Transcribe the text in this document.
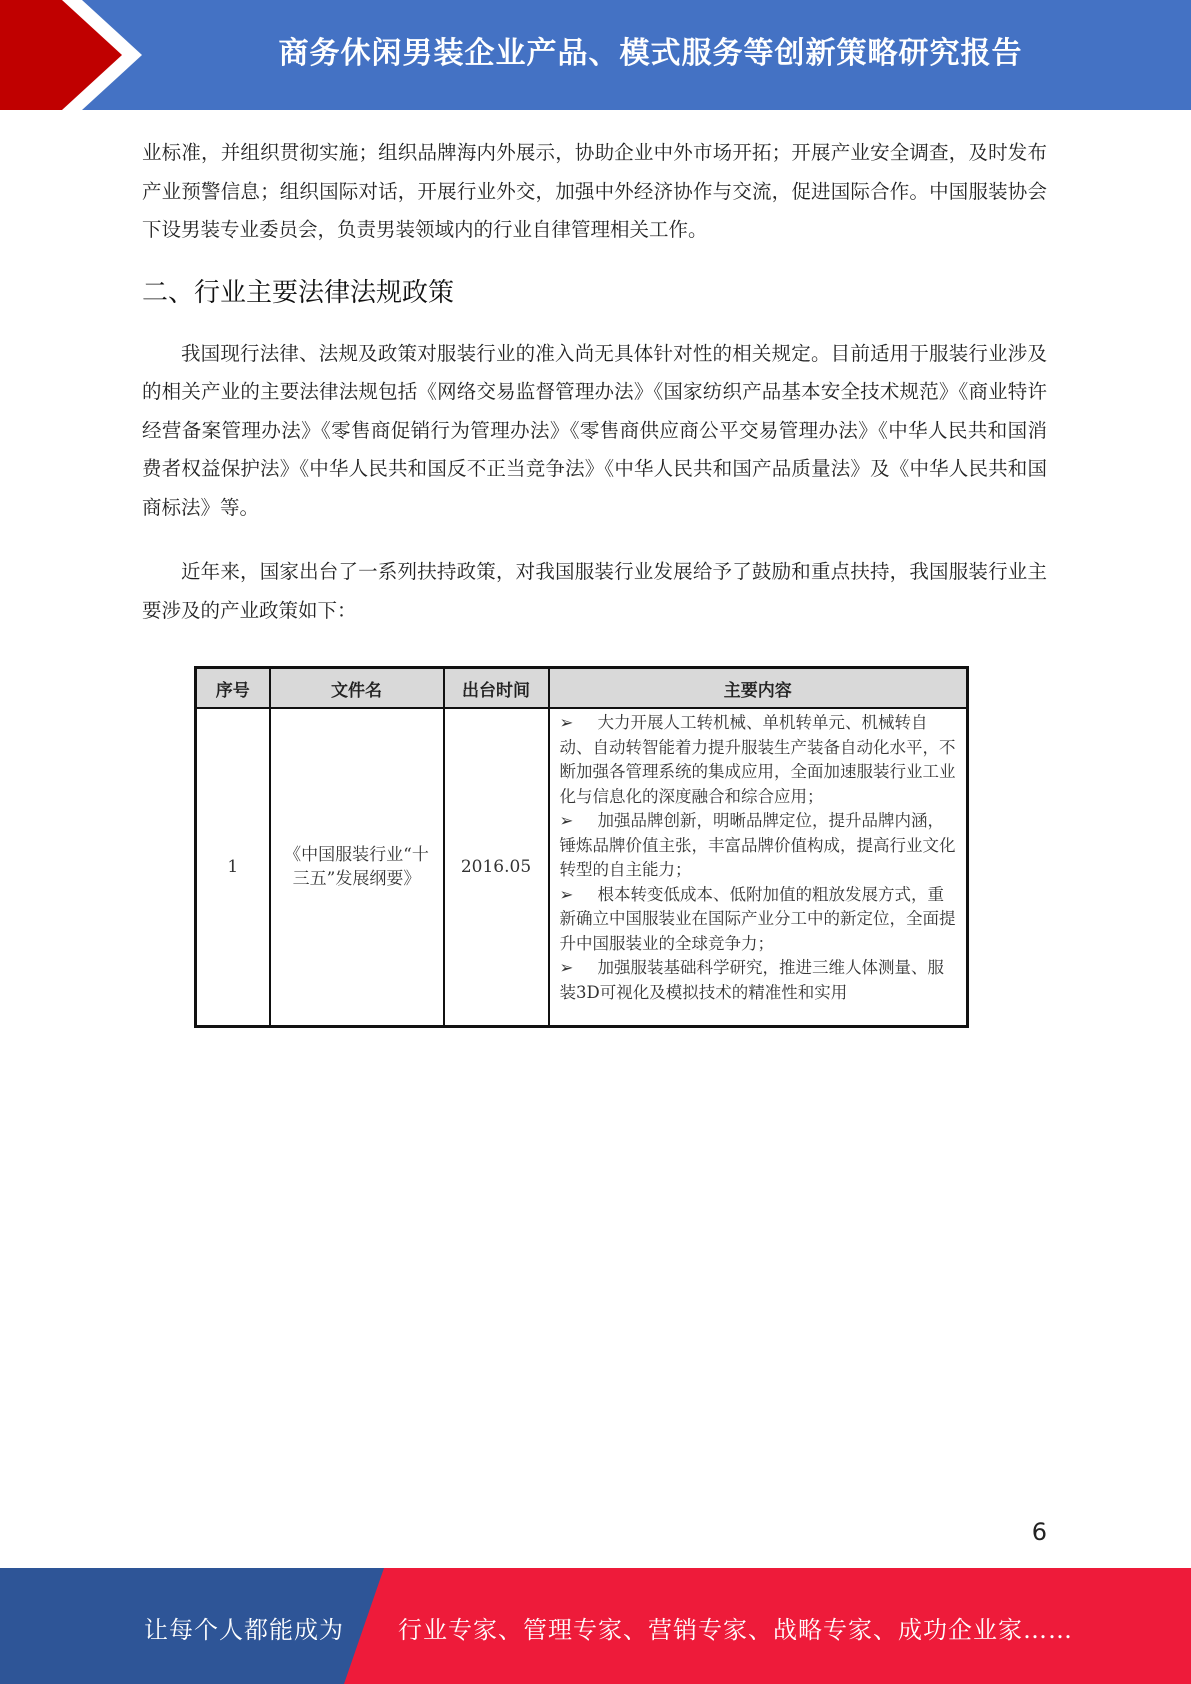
商务休闲男装企业产品、模式服务等创新策略研究报告

业标准，并组织贯彻实施；组织品牌海内外展示，协助企业中外市场开拓；开展产业安全调查，及时发布产业预警信息；组织国际对话，开展行业外交，加强中外经济协作与交流，促进国际合作。中国服装协会下设男装专业委员会，负责男装领域内的行业自律管理相关工作。

二、行业主要法律法规政策

我国现行法律、法规及政策对服装行业的准入尚无具体针对性的相关规定。目前适用于服装行业涉及的相关产业的主要法律法规包括《网络交易监督管理办法》《国家纺织产品基本安全技术规范》《商业特许经营备案管理办法》《零售商促销行为管理办法》《零售商供应商公平交易管理办法》《中华人民共和国消费者权益保护法》《中华人民共和国反不正当竞争法》《中华人民共和国产品质量法》及《中华人民共和国商标法》等。

近年来，国家出台了一系列扶持政策，对我国服装行业发展给予了鼓励和重点扶持，我国服装行业主要涉及的产业政策如下：

序号	文件名	出台时间	主要内容
1	《中国服装行业“十三五”发展纲要》	2016.05	➢ 大力开展人工转机械、单机转单元、机械转自动、自动转智能着力提升服装生产装备自动化水平，不断加强各管理系统的集成应用，全面加速服装行业工业化与信息化的深度融合和综合应用；
➢ 加强品牌创新，明晰品牌定位，提升品牌内涵，锤炼品牌价值主张，丰富品牌价值构成，提高行业文化转型的自主能力；
➢ 根本转变低成本、低附加值的粗放发展方式，重新确立中国服装业在国际产业分工中的新定位，全面提升中国服装业的全球竞争力；
➢ 加强服装基础科学研究，推进三维人体测量、服装3D可视化及模拟技术的精准性和实用
6
让每个人都能成为 行业专家、管理专家、营销专家、战略专家、成功企业家……
